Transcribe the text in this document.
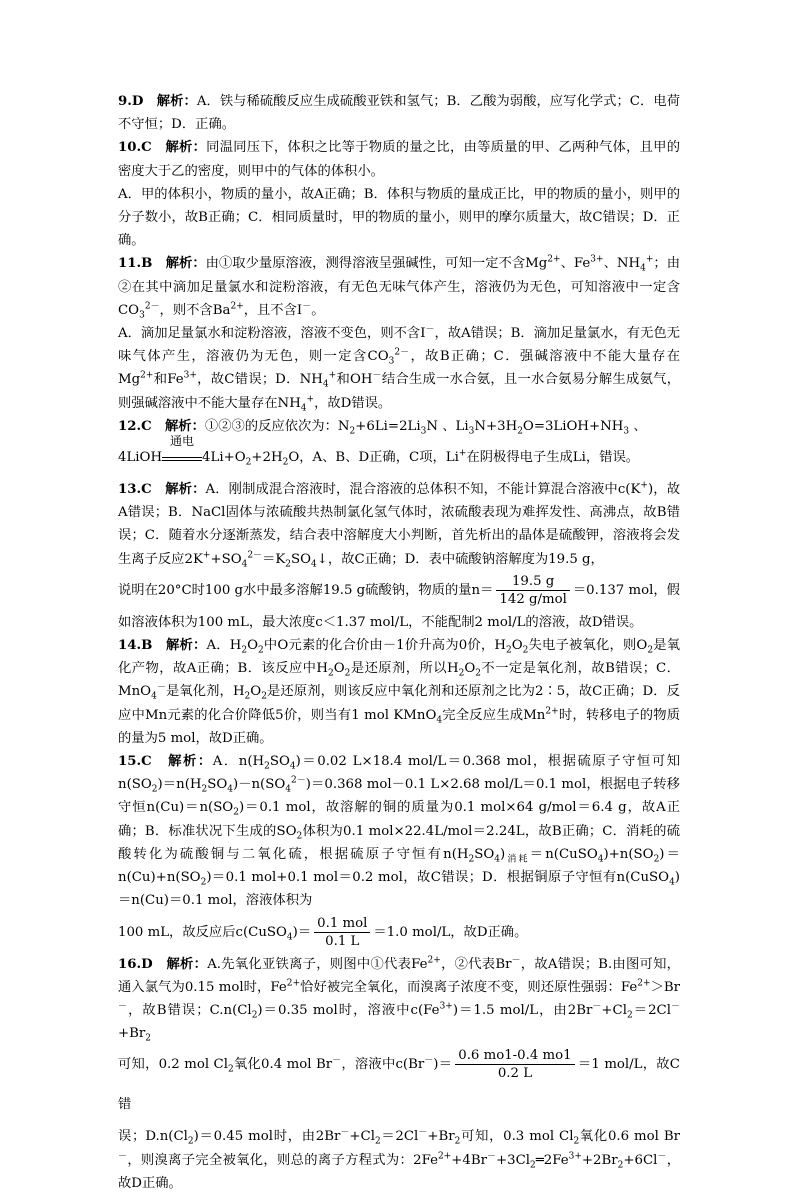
9.D　解析：A．铁与稀硫酸反应生成硫酸亚铁和氢气；B．乙酸为弱酸，应写化学式；C．电荷不守恒；D．正确。

10.C　解析：同温同压下，体积之比等于物质的量之比，由等质量的甲、乙两种气体，且甲的密度大于乙的密度，则甲中的气体的体积小。

A．甲的体积小，物质的量小，故A正确；B．体积与物质的量成正比，甲的物质的量小，则甲的分子数小，故B正确；C．相同质量时，甲的物质的量小，则甲的摩尔质量大，故C错误；D．正确。

11.B　解析：由①取少量原溶液，测得溶液呈强碱性，可知一定不含$Mg^{2+}$、$Fe^{3+}$、$NH_4^+$；由②在其中滴加足量氯水和淀粉溶液，有无色无味气体产生，溶液仍为无色，可知溶液中一定含$CO_3^{2-}$，则不含$Ba^{2+}$，且不含I－。

A．滴加足量氯水和淀粉溶液，溶液不变色，则不含I－，故A错误；B．滴加足量氯水，有无色无味气体产生，溶液仍为无色，则一定含$CO_3^{2-}$，故B正确；C．强碱溶液中不能大量存在$Mg^{2+}$和$Fe^{3+}$，故C错误；D．$NH_4^+$和OH－结合生成一水合氨，且一水合氨易分解生成氨气，则强碱溶液中不能大量存在$NH_4^+$，故D错误。

12.C　解析：①②③的反应依次为：$N_2+6Li=2Li_3N$ 、$Li_3N+3H_2O=3LiOH+NH_3$ 、

4LiOH
通电
$4Li+O_2+2H_2O$，A、B、D正确，C项，Li+在阴极得电子生成Li，错误。

13.C　解析：A．刚制成混合溶液时，混合溶液的总体积不知，不能计算混合溶液中c(K+)，故A错误；B．NaCl固体与浓硫酸共热制氯化氢气体时，浓硫酸表现为难挥发性、高沸点，故B错误；C．随着水分逐渐蒸发，结合表中溶解度大小判断，首先析出的晶体是硫酸钾，溶液将会发生离子反应$2K^++SO_4^{2-}=K_2SO_4↓$，故C正确；D．表中硫酸钠溶解度为19.5 g，

说明在20°C时100 g水中最多溶解19.5 g硫酸钠，物质的量$n= \frac{19.5 g}{\text{142 g/mol}} =0.137$ mol，假

如溶液体积为100 mL，最大浓度c＜1.37 mol/L，不能配制2 mol/L的溶液，故D错误。

14.B　解析：A．$H_2O_2$中O元素的化合价由－1价升高为0价，$H_2O_2$失电子被氧化，则$O_2$是氧化产物，故A正确；B．该反应中$H_2O_2$是还原剂，所以$H_2O_2$不一定是氧化剂，故B错误；C．MnO$_4$－是氧化剂，$H_2O_2$是还原剂，则该反应中氧化剂和还原剂之比为2∶5，故C正确；D．反应中Mn元素的化合价降低5价，则当有1 mol KMnO$_4$完全反应生成$Mn^{2+}$时，转移电子的物质的量为5 mol，故D正确。

15.C　解析：A．$n(H_2SO_4)=0.02$ L×18.4 mol/L＝0.368 mol，根据硫原子守恒可知$n(SO_2)=n(H_2SO_4)-n(SO_4^{2-})=0.368$ mol－0.1 L×2.68 mol/L＝0.1 mol，根据电子转移守恒$n(Cu)=n(SO_2)=0.1$ mol，故溶解的铜的质量为0.1 mol×64 g/mol＝6.4 g，故A正确；B．标准状况下生成的$SO_2$体积为0.1 mol×22.4L/mol＝2.24L，故B正确；C．消耗的硫酸转化为硫酸铜与二氧化硫，根据硫原子守恒有$n(H_2SO_4)_{消耗}=n(CuSO_4)+n(SO_2)=n(Cu)+n(SO_2)=0.1$ mol+0.1 mol＝0.2 mol，故C错误；D．根据铜原子守恒有n(CuSO$_4$)＝n(Cu)＝0.1 mol，溶液体积为

100 mL，故反应后c(CuSO$_4$)＝ $\frac{\text{0.1 mol}}{0.1 L} =1.0$ mol/L，故D正确。

16.D　解析：A.先氧化亚铁离子，则图中①代表$Fe^{2+}$，②代表Br－，故A错误；B.由图可知，通入氯气为0.15 mol时，$Fe^{2+}$恰好被完全氧化，而溴离子浓度不变，则还原性强弱：$Fe^{2+}>Br^-$，故B错误；$C.n(Cl_2)=0.35$ mol时，溶液中$c(Fe^{3+})=1.5$ mol/L，由$2Br^-+Cl_2=2Cl^-+Br_2$

可知，0.2 mol $Cl_2$氧化0.4 mol Br－，溶液中$c(Br^-)= \frac{0.6 mo1-0.4 mo1}{0.2 L} =1$ mol/L，故C错

误；$D.n(Cl_2)=0.45$ mol时，由$2Br^-+Cl_2=2Cl^-+Br_2$可知，0.3 mol $Cl_2$氧化0.6 mol Br－，则溴离子完全被氧化，则总的离子方程式为：$2Fe^{2+}+4Br^-+3Cl_2═2Fe^{3+}+2Br_2+6Cl^-$，故D正确。
